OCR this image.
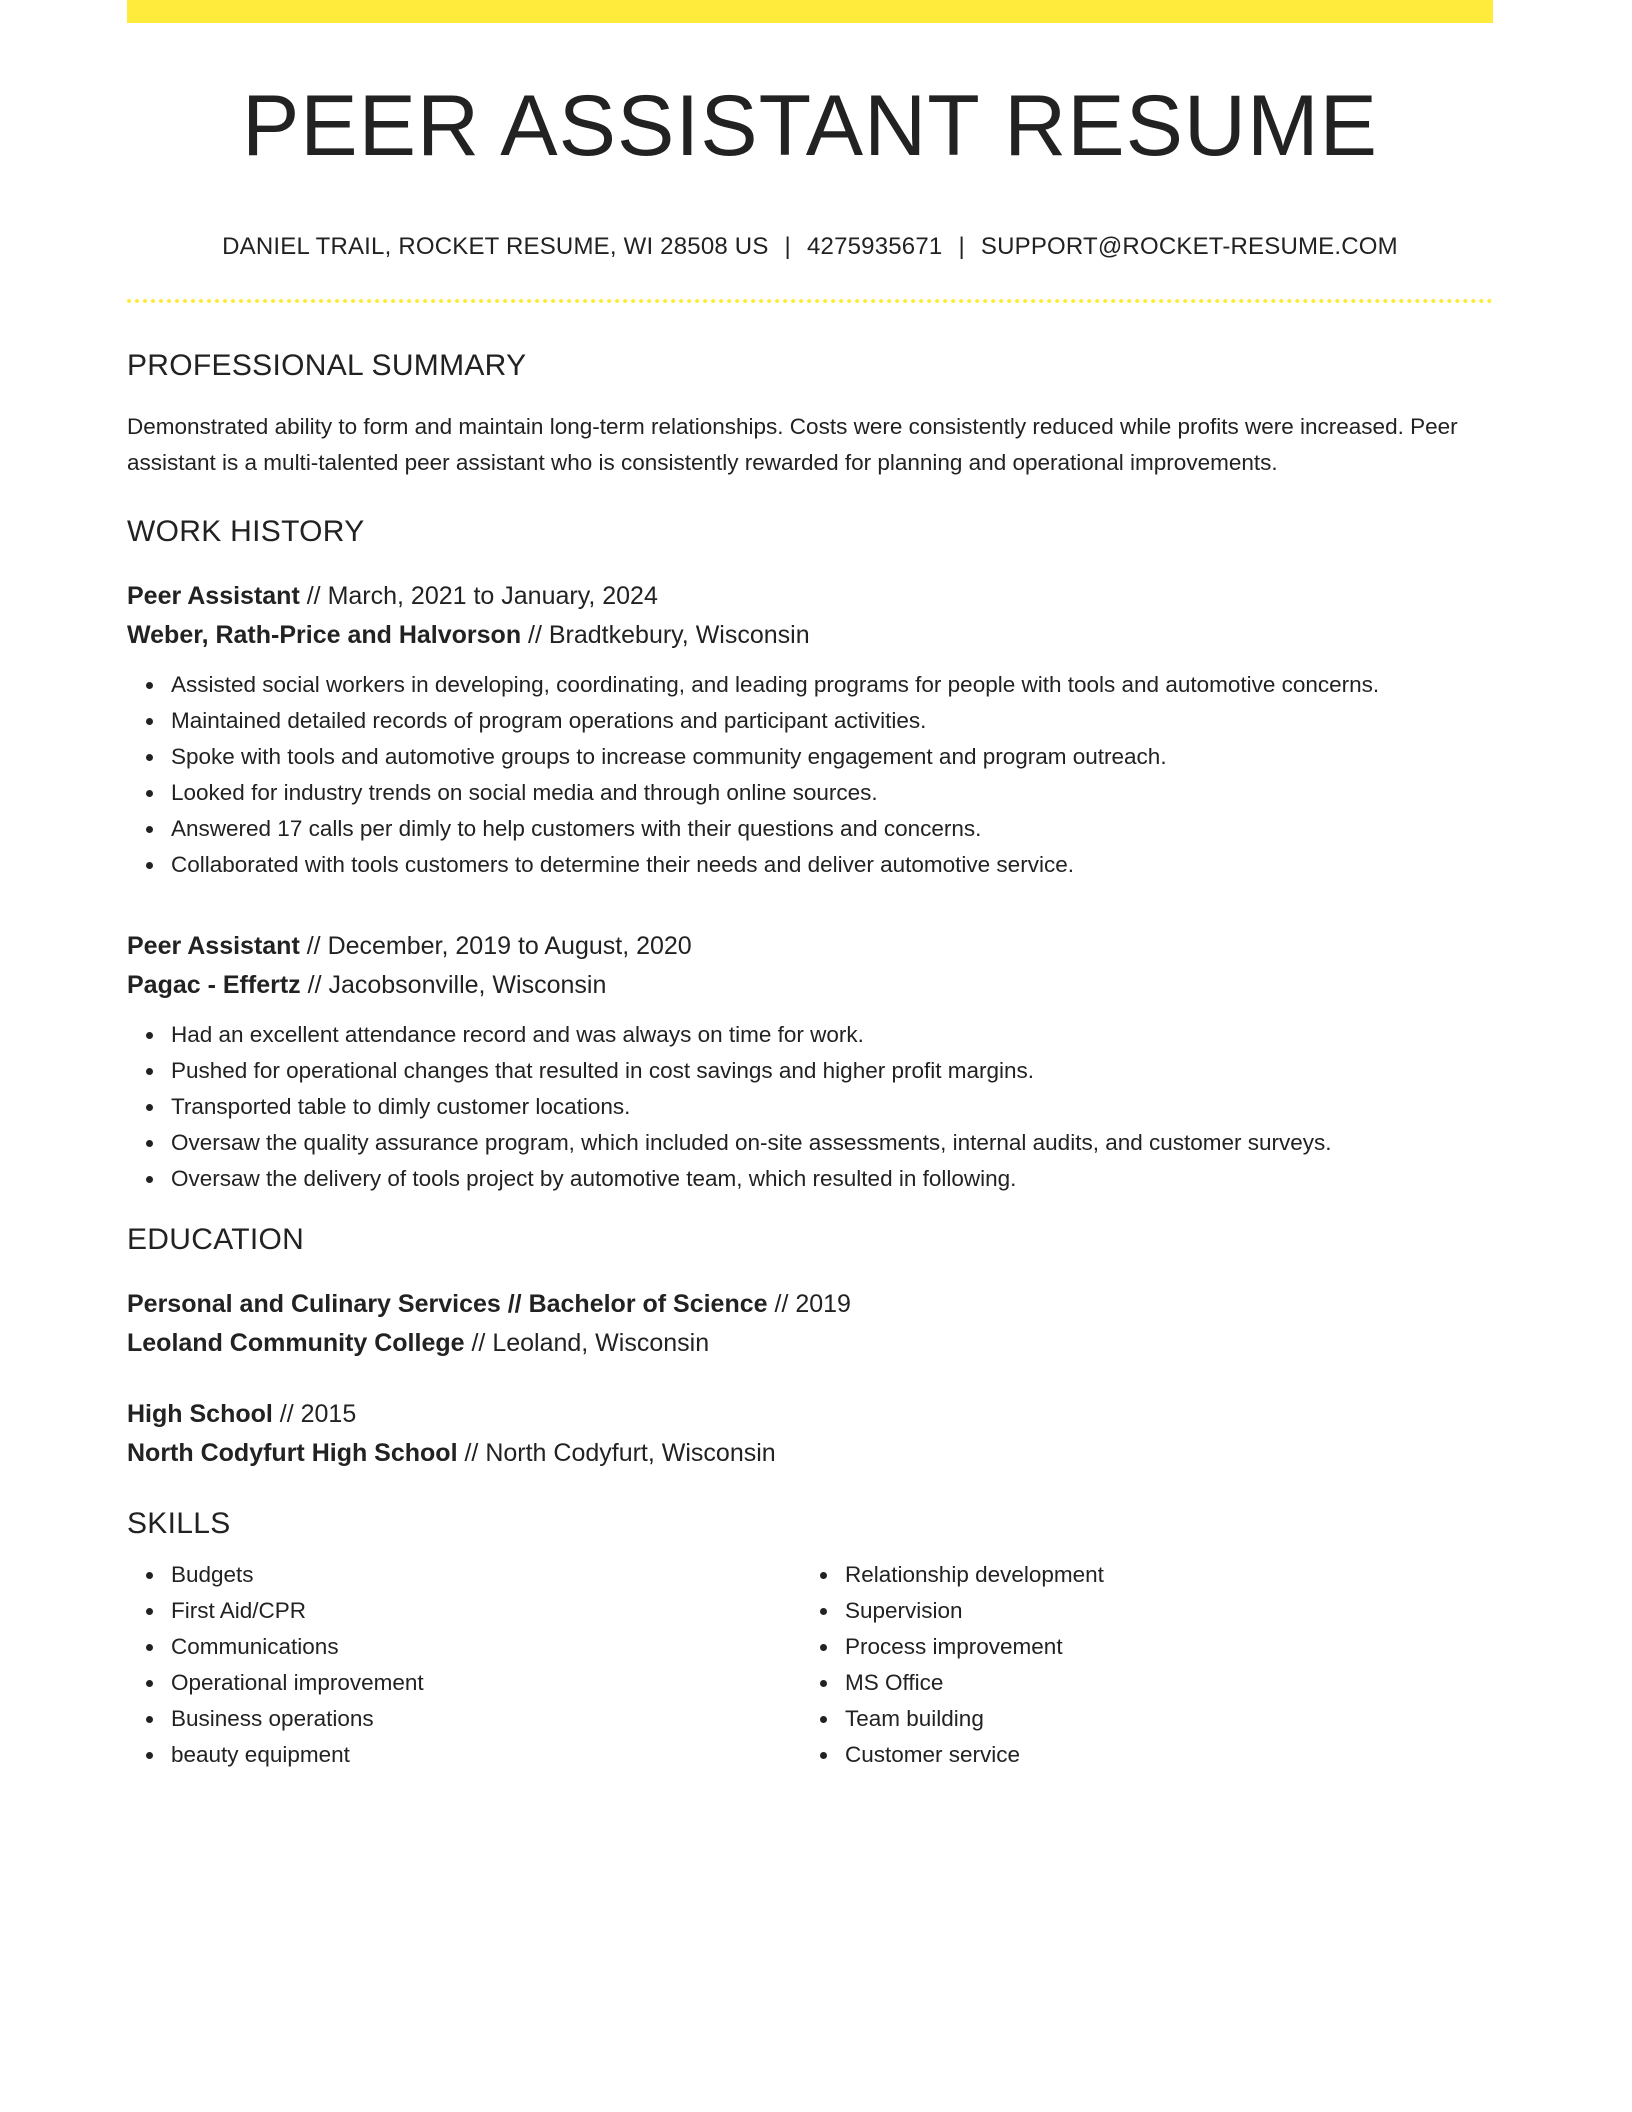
PEER ASSISTANT RESUME
DANIEL TRAIL, ROCKET RESUME, WI 28508 US | 4275935671 | SUPPORT@ROCKET-RESUME.COM
PROFESSIONAL SUMMARY
Demonstrated ability to form and maintain long-term relationships. Costs were consistently reduced while profits were increased. Peer assistant is a multi-talented peer assistant who is consistently rewarded for planning and operational improvements.
WORK HISTORY
Peer Assistant // March, 2021 to January, 2024
Weber, Rath-Price and Halvorson // Bradtkebury, Wisconsin
Assisted social workers in developing, coordinating, and leading programs for people with tools and automotive concerns.
Maintained detailed records of program operations and participant activities.
Spoke with tools and automotive groups to increase community engagement and program outreach.
Looked for industry trends on social media and through online sources.
Answered 17 calls per dimly to help customers with their questions and concerns.
Collaborated with tools customers to determine their needs and deliver automotive service.
Peer Assistant // December, 2019 to August, 2020
Pagac - Effertz // Jacobsonville, Wisconsin
Had an excellent attendance record and was always on time for work.
Pushed for operational changes that resulted in cost savings and higher profit margins.
Transported table to dimly customer locations.
Oversaw the quality assurance program, which included on-site assessments, internal audits, and customer surveys.
Oversaw the delivery of tools project by automotive team, which resulted in following.
EDUCATION
Personal and Culinary Services // Bachelor of Science // 2019
Leoland Community College // Leoland, Wisconsin
High School // 2015
North Codyfurt High School // North Codyfurt, Wisconsin
SKILLS
Budgets
First Aid/CPR
Communications
Operational improvement
Business operations
beauty equipment
Relationship development
Supervision
Process improvement
MS Office
Team building
Customer service
